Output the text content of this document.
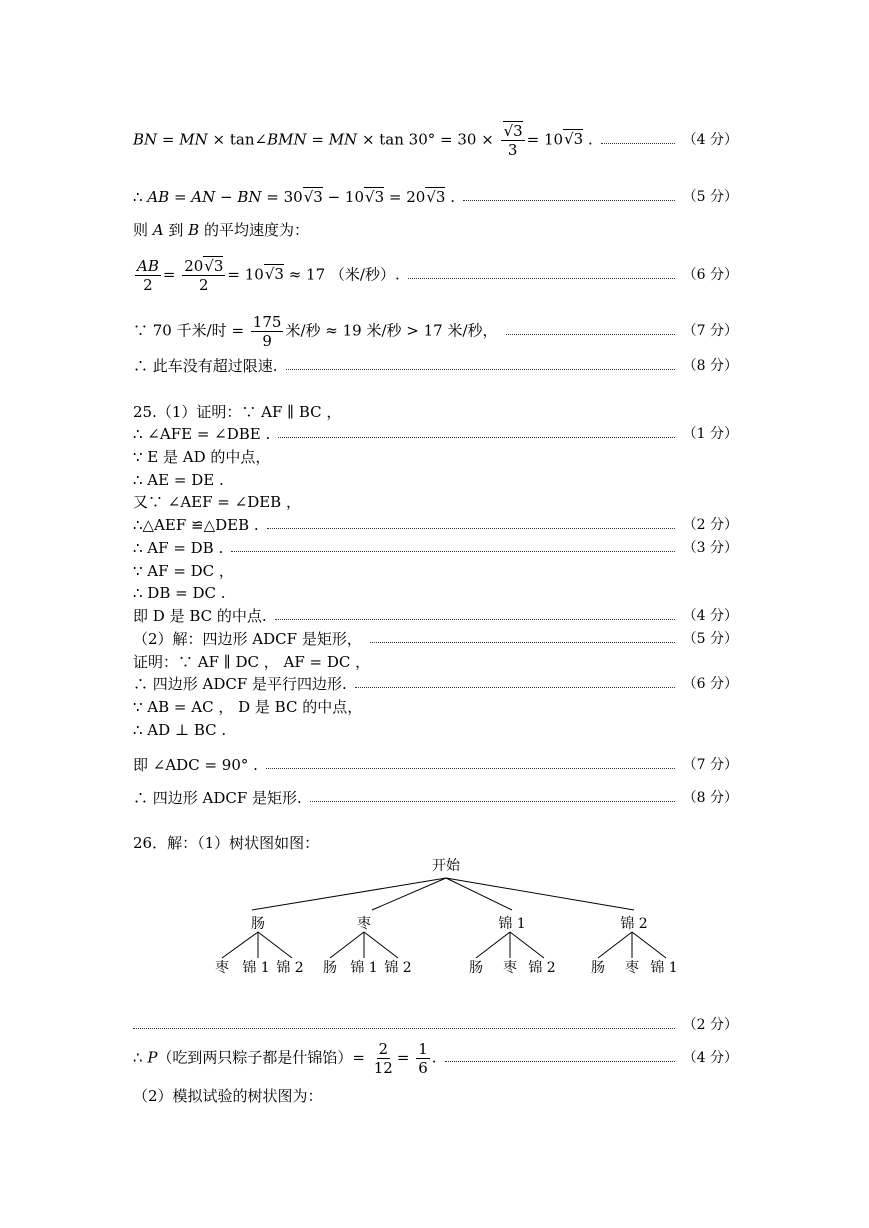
BN = MN × tan∠BMN = MN × tan 30° = 30 ×
√ $\frac{3}{3} = 10√$ 3 .	（4 分）
∴ AB = AN − BN = 30√ 3 − 10√ 3 = 20√ 3 .	（5 分）
则 A 到 B 的平均速度为：
$\frac{AB}{2} = \frac{20√ 3}{2} = 10√$ 3 ≈ 17 （米/秒）.	（6 分）
∵ 70 千米/时 = $\frac{175}{9}$ 米/秒 ≈ 19 米/秒 > 17 米/秒，	（7 分）
∴ 此车没有超过限速.	（8 分）
25.（1）证明：∵ AF ∥ BC ，
∴ ∠AFE = ∠DBE .	（1 分）
∵ E 是 AD 的中点，
∴ AE = DE .
又∵ ∠AEF = ∠DEB ，
∴△AEF ≌△DEB .	（2 分）
∴ AF = DB .	（3 分）
∵ AF = DC ，
∴ DB = DC .
即 D 是 BC 的中点.	（4 分）
（2）解：四边形 ADCF 是矩形，	（5 分）
证明：∵ AF ∥ DC ， AF = DC ，
∴ 四边形 ADCF 是平行四边形.	（6 分）
∵ AB = AC ， D 是 BC 的中点，
∴ AD ⊥ BC .
即 ∠ADC = 90° .	（7 分）
∴ 四边形 ADCF 是矩形.	（8 分）
26．解：（1）树状图如图：
开始
肠	枣	锦 1	锦 2
枣 锦 1 锦 2 肠 锦 1 锦 2	肠 枣 锦 2	肠 枣 锦 1
（2 分）
∴ P（吃到两只粽子都是什锦馅）= $\frac{2}{12} = \frac{1}{6}$ .	（4 分）
（2）模拟试验的树状图为：
